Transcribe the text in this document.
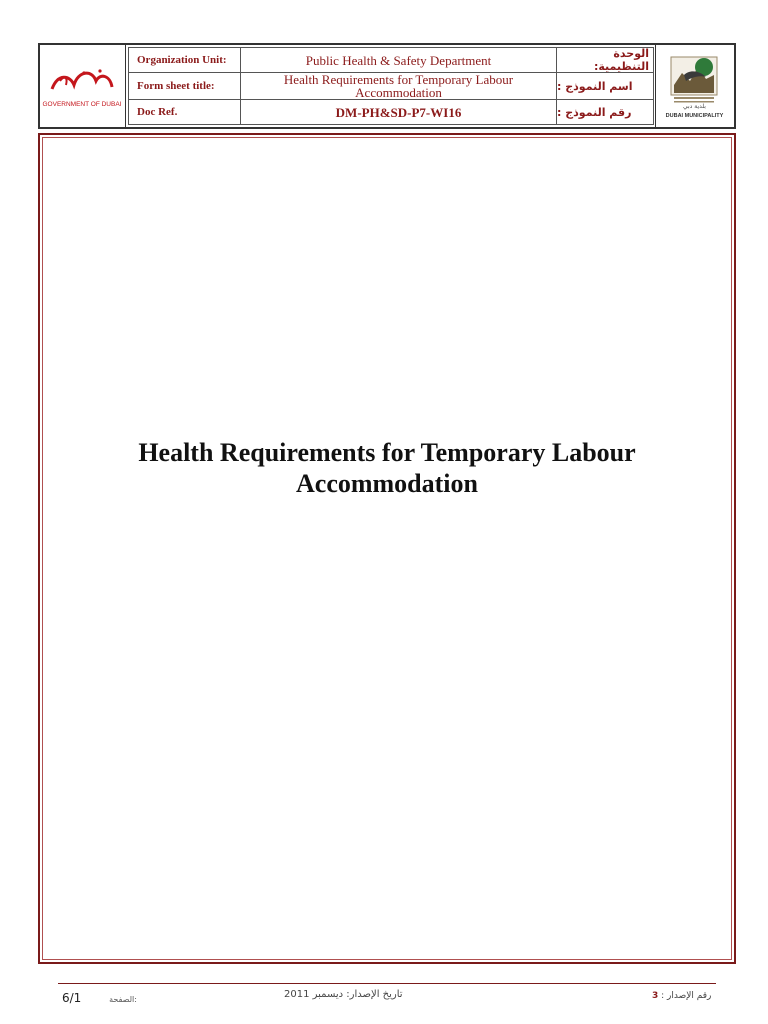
GOVERNMENT OF DUBAI
Organization Unit:	Public Health & Safety Department	الوحدة التنظيمية:
Form sheet title:	Health Requirements for Temporary Labour Accommodation	اسم النموذج :
Doc Ref.	DM-PH&SD-P7-WI16	رقم النموذج :	بلدية دبي
DUBAI MUNICIPALITY
Health Requirements for Temporary Labour
Accommodation
6/1	الصفحة:	تاريخ الإصدار: ديسمبر 2011	رقم الإصدار : 3
